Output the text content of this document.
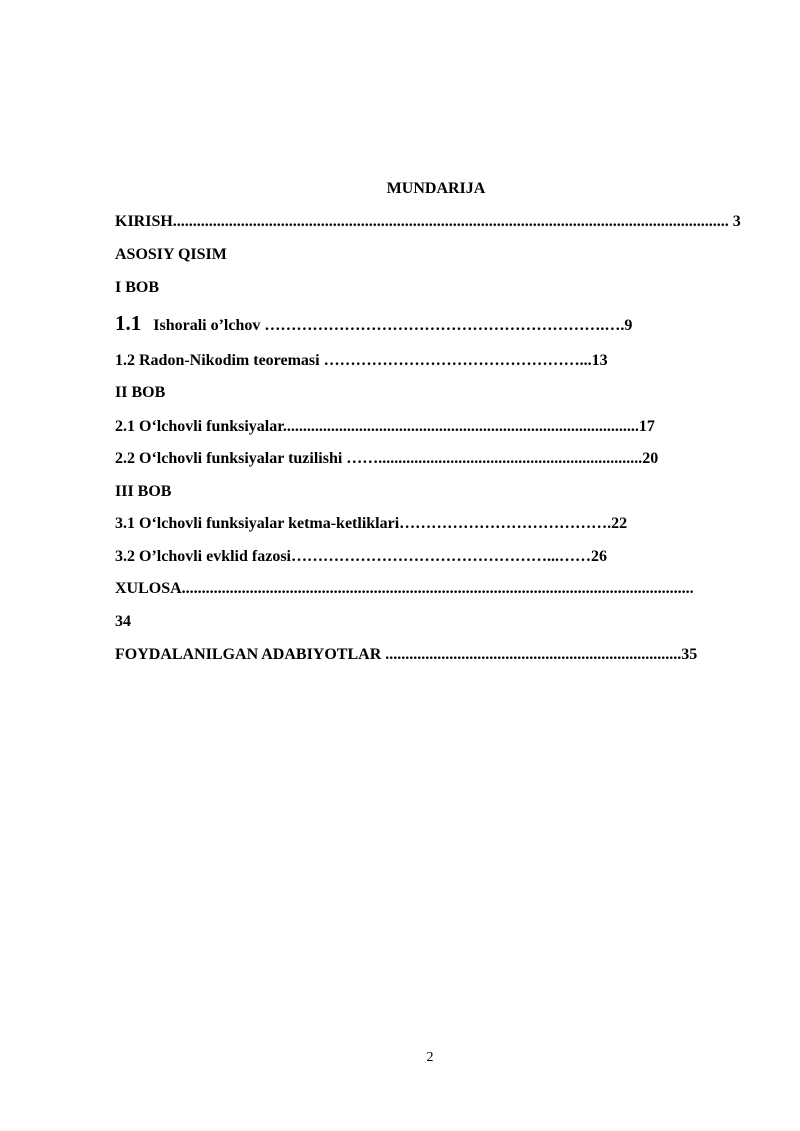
MUNDARIJA
KIRISH........................................................................................................................................... 3
ASOSIY QISIM
I BOB
1.1 Ishorali o’lchov ……………………………………………………….….9
1.2 Radon-Nikodim teoremasi …………………………………………...13
II BOB
2.1 O‘lchovli funksiyalar.........................................................................................17
2.2 O‘lchovli funksiyalar tuzilishi ……..................................................................20
III BOB
3.1 O‘lchovli funksiyalar ketma-ketliklari………………………………….22
3.2 O’lchovli evklid fazosi…………………………………………...……26
XULOSA................................................................................................................................
34
FOYDALANILGAN ADABIYOTLAR ..........................................................................35
2
